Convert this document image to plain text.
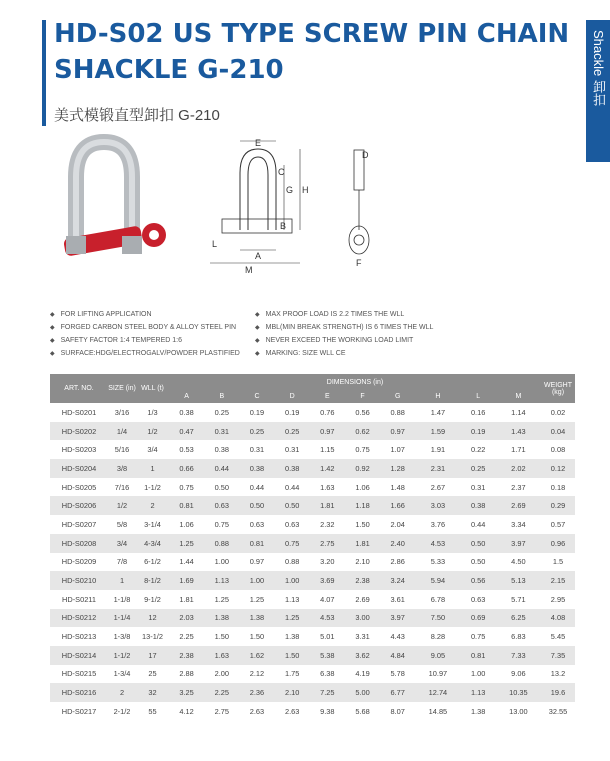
HD-S02 US TYPE SCREW PIN CHAIN
SHACKLE G-210
美式模锻直型卸扣 G-210
Shackle 卸扣
E
C
G H
B
L
A
M
D
F
◆ FOR LIFTING APPLICATION
◆ FORGED CARBON STEEL BODY & ALLOY STEEL PIN
◆ SAFETY FACTOR 1:4 TEMPERED 1:6
◆ SURFACE:HDG/ELECTROGALV/POWDER PLASTIFIED
◆ MAX PROOF LOAD IS 2.2 TIMES THE WLL
◆ MBL(MIN BREAK STRENGTH) IS 6 TIMES THE WLL
◆ NEVER EXCEED THE WORKING LOAD LIMIT
◆ MARKING: SIZE WLL CE
ART. NO.	SIZE (in)	WLL (t)	DIMENSIONS (in)										WEIGHT (kg)
			A	B	C	D	E	F	G	H	L	M	
HD-S0201	3/16	1/3	0.38	0.25	0.19	0.19	0.76	0.56	0.88	1.47	0.16	1.14	0.02
HD-S0202	1/4	1/2	0.47	0.31	0.25	0.25	0.97	0.62	0.97	1.59	0.19	1.43	0.04
HD-S0203	5/16	3/4	0.53	0.38	0.31	0.31	1.15	0.75	1.07	1.91	0.22	1.71	0.08
HD-S0204	3/8	1	0.66	0.44	0.38	0.38	1.42	0.92	1.28	2.31	0.25	2.02	0.12
HD-S0205	7/16	1-1/2	0.75	0.50	0.44	0.44	1.63	1.06	1.48	2.67	0.31	2.37	0.18
HD-S0206	1/2	2	0.81	0.63	0.50	0.50	1.81	1.18	1.66	3.03	0.38	2.69	0.29
HD-S0207	5/8	3-1/4	1.06	0.75	0.63	0.63	2.32	1.50	2.04	3.76	0.44	3.34	0.57
HD-S0208	3/4	4-3/4	1.25	0.88	0.81	0.75	2.75	1.81	2.40	4.53	0.50	3.97	0.96
HD-S0209	7/8	6-1/2	1.44	1.00	0.97	0.88	3.20	2.10	2.86	5.33	0.50	4.50	1.5
HD-S0210	1	8-1/2	1.69	1.13	1.00	1.00	3.69	2.38	3.24	5.94	0.56	5.13	2.15
HD-S0211	1-1/8	9-1/2	1.81	1.25	1.25	1.13	4.07	2.69	3.61	6.78	0.63	5.71	2.95
HD-S0212	1-1/4	12	2.03	1.38	1.38	1.25	4.53	3.00	3.97	7.50	0.69	6.25	4.08
HD-S0213	1-3/8	13-1/2	2.25	1.50	1.50	1.38	5.01	3.31	4.43	8.28	0.75	6.83	5.45
HD-S0214	1-1/2	17	2.38	1.63	1.62	1.50	5.38	3.62	4.84	9.05	0.81	7.33	7.35
HD-S0215	1-3/4	25	2.88	2.00	2.12	1.75	6.38	4.19	5.78	10.97	1.00	9.06	13.2
HD-S0216	2	32	3.25	2.25	2.36	2.10	7.25	5.00	6.77	12.74	1.13	10.35	19.6
HD-S0217	2-1/2	55	4.12	2.75	2.63	2.63	9.38	5.68	8.07	14.85	1.38	13.00	32.55
